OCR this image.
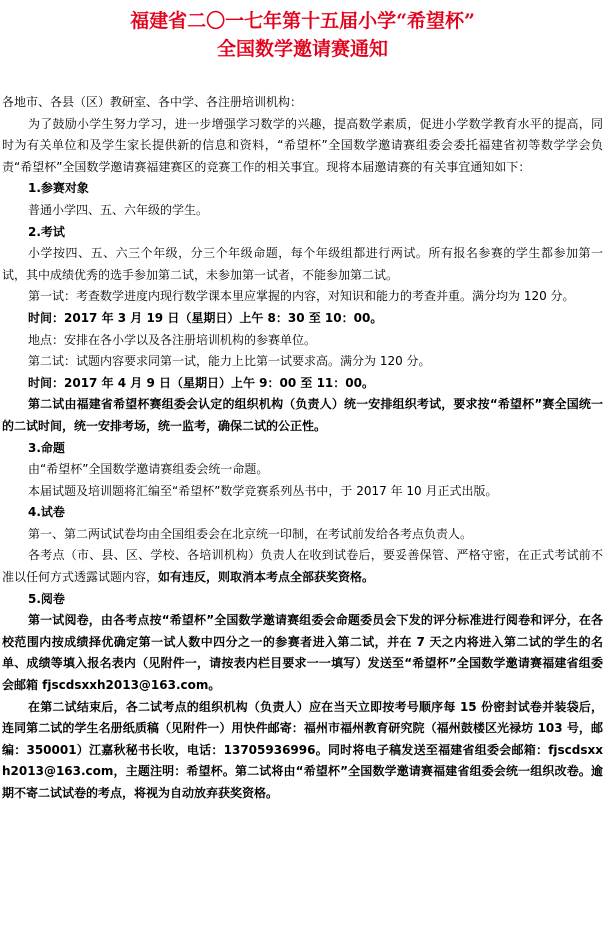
福建省二〇一七年第十五届小学“希望杯”
全国数学邀请赛通知

各地市、各县（区）教研室、各中学、各注册培训机构：

为了鼓励小学生努力学习，进一步增强学习数学的兴趣，提高数学素质，促进小学数学教育水平的提高，同时为有关单位和及学生家长提供新的信息和资料，“希望杯”全国数学邀请赛组委会委托福建省初等数学学会负责“希望杯”全国数学邀请赛福建赛区的竞赛工作的相关事宜。现将本届邀请赛的有关事宜通知如下：

1.参赛对象

普通小学四、五、六年级的学生。

2.考试

小学按四、五、六三个年级，分三个年级命题，每个年级组都进行两试。所有报名参赛的学生都参加第一试，其中成绩优秀的选手参加第二试，未参加第一试者，不能参加第二试。

第一试：考查数学进度内现行数学课本里应掌握的内容，对知识和能力的考查并重。满分均为 120 分。

时间：2017 年 3 月 19 日（星期日）上午 8：30 至 10：00。

地点：安排在各小学以及各注册培训机构的参赛单位。

第二试：试题内容要求同第一试，能力上比第一试要求高。满分为 120 分。

时间：2017 年 4 月 9 日（星期日）上午 9：00 至 11：00。

第二试由福建省希望杯赛组委会认定的组织机构（负责人）统一安排组织考试，要求按“希望杯”赛全国统一的二试时间，统一安排考场，统一监考，确保二试的公正性。

3.命题

由“希望杯”全国数学邀请赛组委会统一命题。

本届试题及培训题将汇编至“希望杯”数学竞赛系列丛书中，于 2017 年 10 月正式出版。

4.试卷

第一、第二两试试卷均由全国组委会在北京统一印制，在考试前发给各考点负责人。

各考点（市、县、区、学校、各培训机构）负责人在收到试卷后，要妥善保管、严格守密，在正式考试前不准以任何方式透露试题内容，如有违反，则取消本考点全部获奖资格。

5.阅卷

第一试阅卷，由各考点按“希望杯”全国数学邀请赛组委会命题委员会下发的评分标准进行阅卷和评分，在各校范围内按成绩择优确定第一试人数中四分之一的参赛者进入第二试，并在 7 天之内将进入第二试的学生的名单、成绩等填入报名表内（见附件一，请按表内栏目要求一一填写）发送至“希望杯”全国数学邀请赛福建省组委会邮箱 fjscdsxxh2013@163.com。

在第二试结束后，各二试考点的组织机构（负责人）应在当天立即按考号顺序每 15 份密封试卷并装袋后，连同第二试的学生名册纸质稿（见附件一）用快件邮寄：福州市福州教育研究院（福州鼓楼区光禄坊 103 号，邮编：350001）江嘉秋秘书长收，电话：13705936996。同时将电子稿发送至福建省组委会邮箱：fjscdsxxh2013@163.com，主题注明：希望杯。第二试将由“希望杯”全国数学邀请赛福建省组委会统一组织改卷。逾期不寄二试试卷的考点，将视为自动放弃获奖资格。
